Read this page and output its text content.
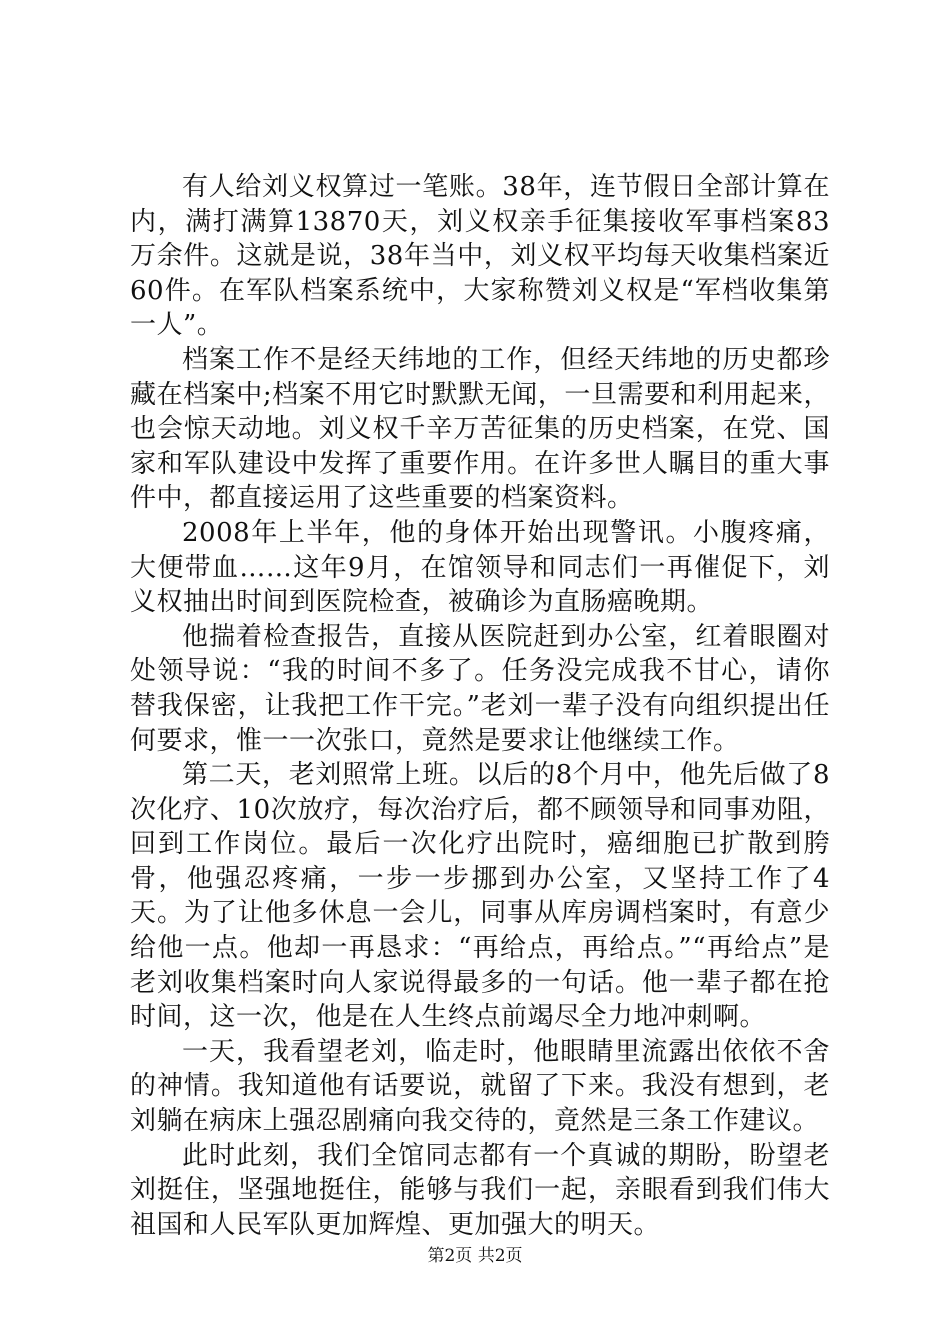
有人给刘义权算过一笔账。38年，连节假日全部计算在内，满打满算13870天，刘义权亲手征集接收军事档案83万余件。这就是说，38年当中，刘义权平均每天收集档案近60件。在军队档案系统中，大家称赞刘义权是“军档收集第一人”。

档案工作不是经天纬地的工作，但经天纬地的历史都珍藏在档案中;档案不用它时默默无闻，一旦需要和利用起来，也会惊天动地。刘义权千辛万苦征集的历史档案，在党、国家和军队建设中发挥了重要作用。在许多世人瞩目的重大事件中，都直接运用了这些重要的档案资料。

2008年上半年，他的身体开始出现警讯。小腹疼痛，大便带血……这年9月，在馆领导和同志们一再催促下，刘义权抽出时间到医院检查，被确诊为直肠癌晚期。

他揣着检查报告，直接从医院赶到办公室，红着眼圈对处领导说：“我的时间不多了。任务没完成我不甘心，请你替我保密，让我把工作干完。”老刘一辈子没有向组织提出任何要求，惟一一次张口，竟然是要求让他继续工作。

第二天，老刘照常上班。以后的8个月中，他先后做了8次化疗、10次放疗，每次治疗后，都不顾领导和同事劝阻，回到工作岗位。最后一次化疗出院时，癌细胞已扩散到胯骨，他强忍疼痛，一步一步挪到办公室，又坚持工作了4天。为了让他多休息一会儿，同事从库房调档案时，有意少给他一点。他却一再恳求：“再给点，再给点。”“再给点”是老刘收集档案时向人家说得最多的一句话。他一辈子都在抢时间，这一次，他是在人生终点前竭尽全力地冲刺啊。

一天，我看望老刘，临走时，他眼睛里流露出依依不舍的神情。我知道他有话要说，就留了下来。我没有想到，老刘躺在病床上强忍剧痛向我交待的，竟然是三条工作建议。

此时此刻，我们全馆同志都有一个真诚的期盼，盼望老刘挺住，坚强地挺住，能够与我们一起，亲眼看到我们伟大祖国和人民军队更加辉煌、更加强大的明天。

第2页 共2页
